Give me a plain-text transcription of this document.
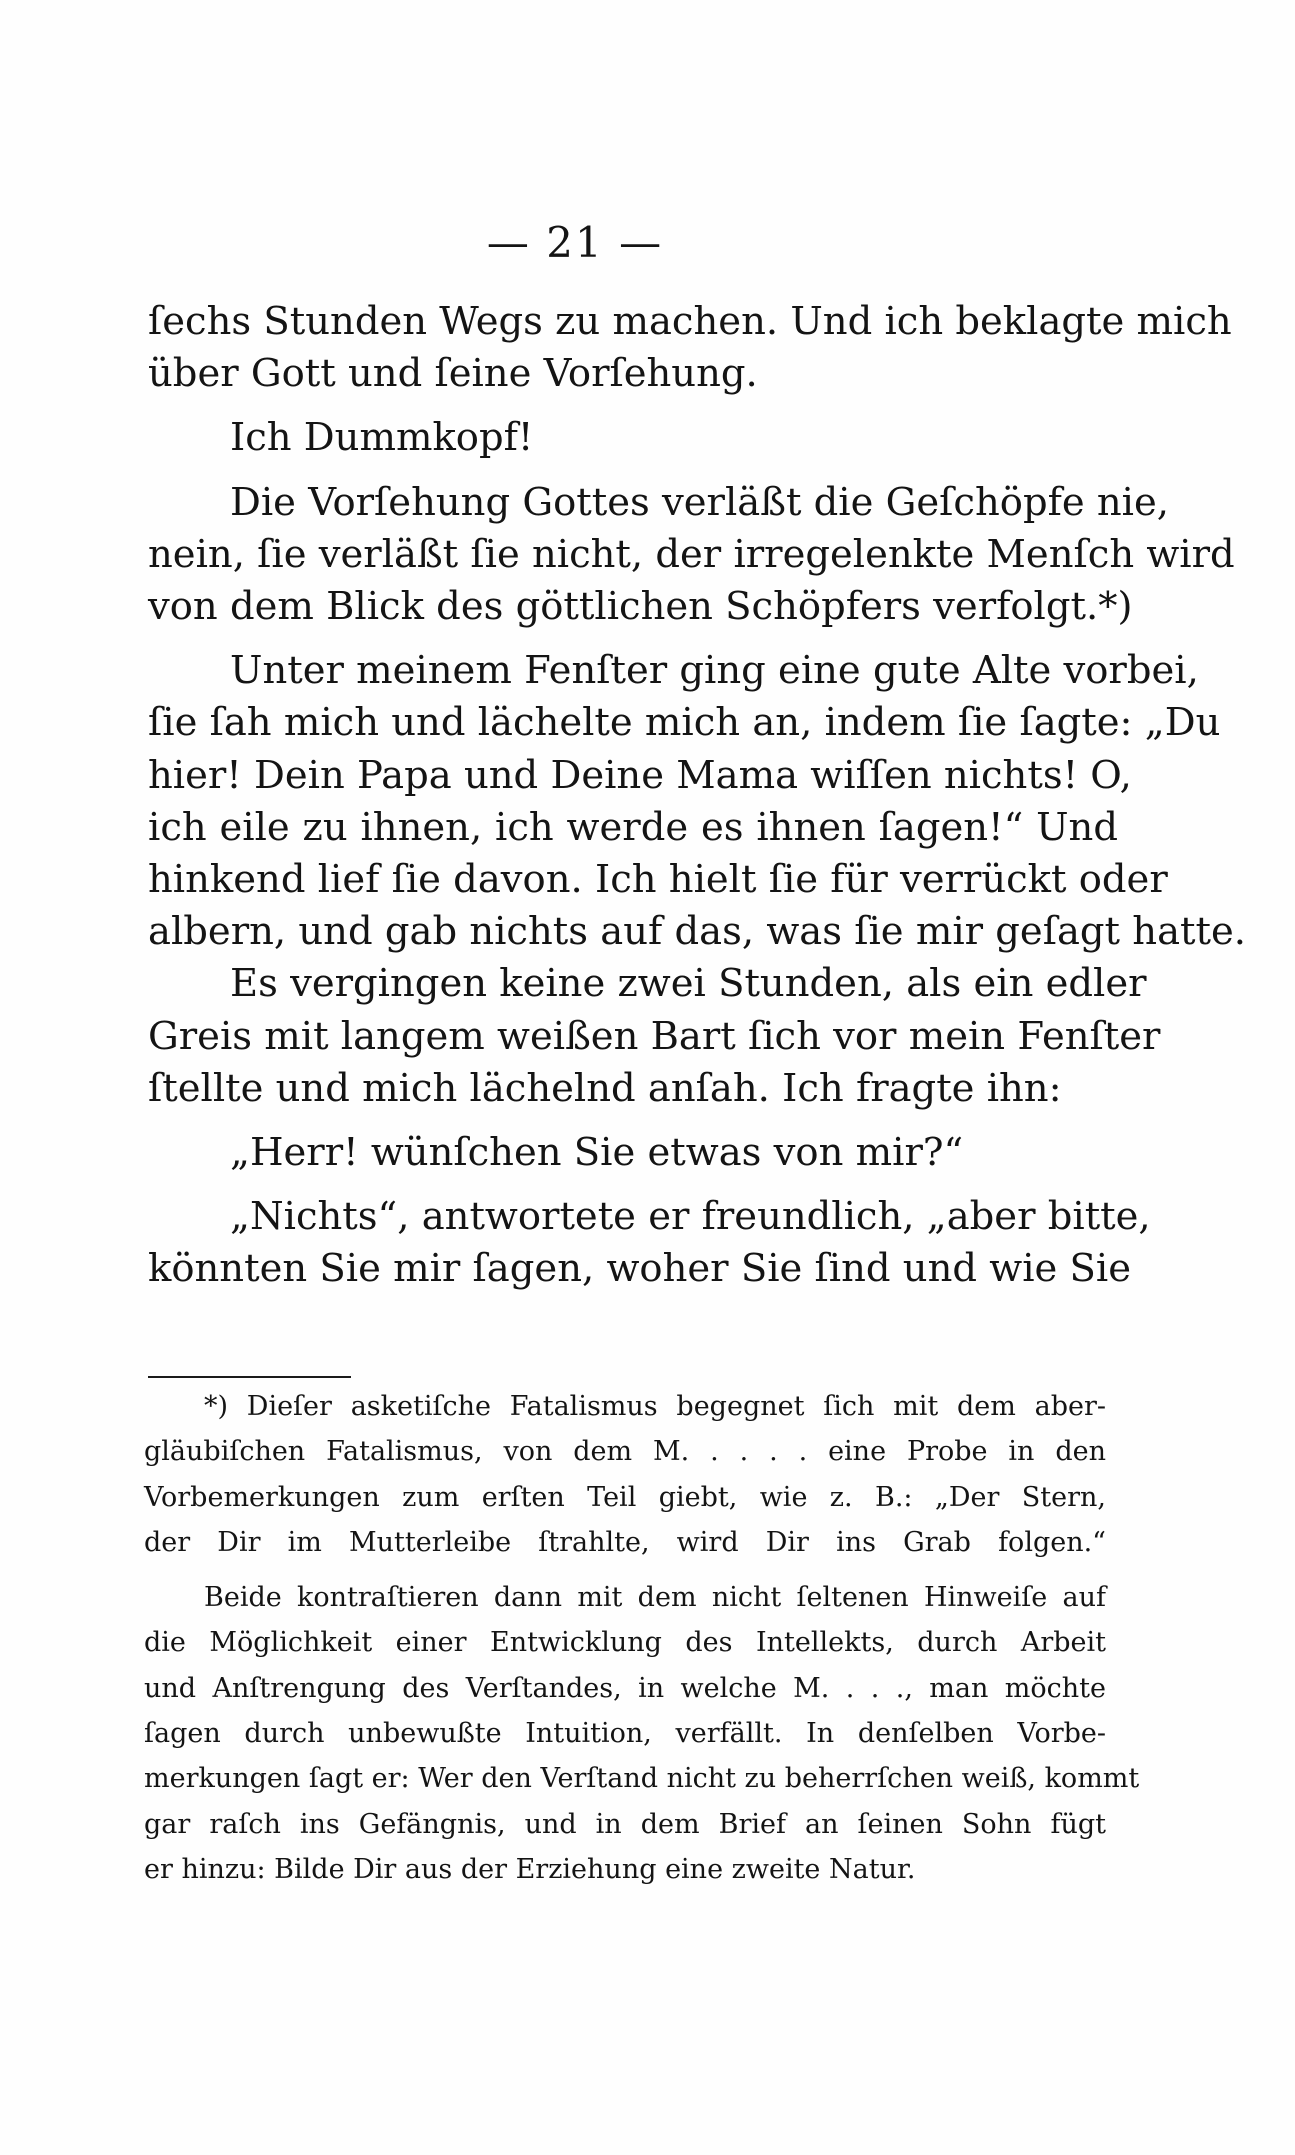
— 21 —
ſechs Stunden Wegs zu machen. Und ich beklagte mich
über Gott und ſeine Vorſehung.
Ich Dummkopf!
Die Vorſehung Gottes verläßt die Geſchöpfe nie,
nein, ſie verläßt ſie nicht, der irregelenkte Menſch wird
von dem Blick des göttlichen Schöpfers verfolgt.*)
Unter meinem Fenſter ging eine gute Alte vorbei,
ſie ſah mich und lächelte mich an, indem ſie ſagte: „Du
hier! Dein Papa und Deine Mama wiſſen nichts! O,
ich eile zu ihnen, ich werde es ihnen ſagen!“ Und
hinkend lief ſie davon. Ich hielt ſie für verrückt oder
albern, und gab nichts auf das, was ſie mir geſagt hatte.
Es vergingen keine zwei Stunden, als ein edler
Greis mit langem weißen Bart ſich vor mein Fenſter
ſtellte und mich lächelnd anſah. Ich fragte ihn:
„Herr! wünſchen Sie etwas von mir?“
„Nichts“, antwortete er freundlich, „aber bitte,
könnten Sie mir ſagen, woher Sie ſind und wie Sie
*) Dieſer asketiſche Fatalismus begegnet ſich mit dem aber-
gläubiſchen Fatalismus, von dem M. . . . . eine Probe in den
Vorbemerkungen zum erſten Teil giebt, wie z. B.: „Der Stern,
der Dir im Mutterleibe ſtrahlte, wird Dir ins Grab folgen.“
Beide kontraſtieren dann mit dem nicht ſeltenen Hinweiſe auf
die Möglichkeit einer Entwicklung des Intellekts, durch Arbeit
und Anſtrengung des Verſtandes, in welche M. . . ., man möchte
ſagen durch unbewußte Intuition, verfällt. In denſelben Vorbe-
merkungen ſagt er: Wer den Verſtand nicht zu beherrſchen weiß, kommt
gar raſch ins Gefängnis, und in dem Brief an ſeinen Sohn fügt
er hinzu: Bilde Dir aus der Erziehung eine zweite Natur.
